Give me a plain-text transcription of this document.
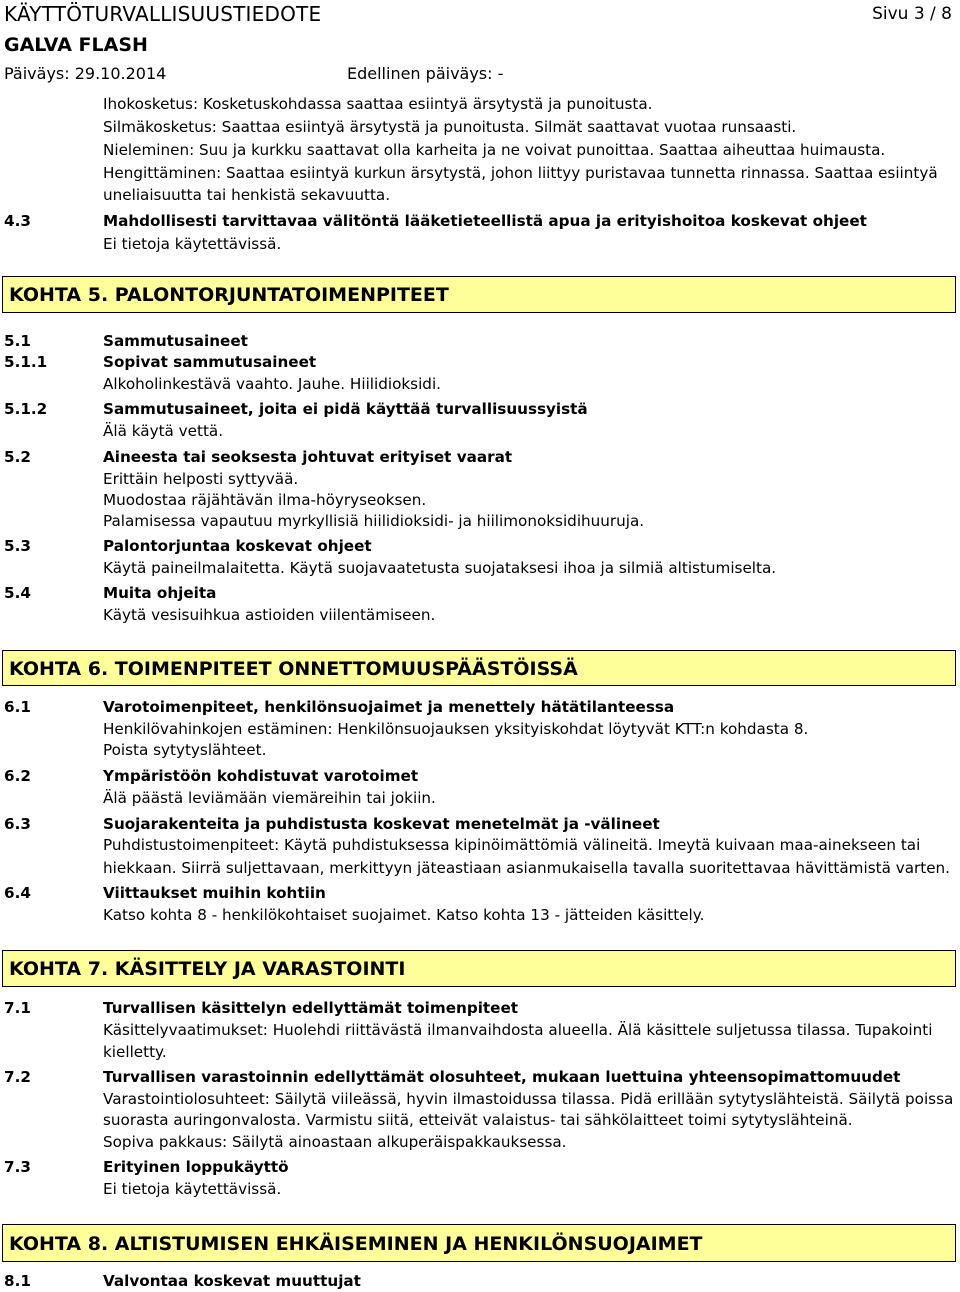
KÄYTTÖTURVALLISUUSTIEDOTE	Sivu 3 / 8
GALVA FLASH
Päiväys: 29.10.2014	Edellinen päiväys: -
Ihokosketus: Kosketuskohdassa saattaa esiintyä ärsytystä ja punoitusta.
Silmäkosketus: Saattaa esiintyä ärsytystä ja punoitusta. Silmät saattavat vuotaa runsaasti.
Nieleminen: Suu ja kurkku saattavat olla karheita ja ne voivat punoittaa. Saattaa aiheuttaa huimausta.
Hengittäminen: Saattaa esiintyä kurkun ärsytystä, johon liittyy puristavaa tunnetta rinnassa. Saattaa esiintyä
uneliaisuutta tai henkistä sekavuutta.
4.3	Mahdollisesti tarvittavaa välitöntä lääketieteellistä apua ja erityishoitoa koskevat ohjeet
Ei tietoja käytettävissä.
KOHTA 5. PALONTORJUNTATOIMENPITEET
5.1	Sammutusaineet
5.1.1	Sopivat sammutusaineet
Alkoholinkestävä vaahto. Jauhe. Hiilidioksidi.
5.1.2	Sammutusaineet, joita ei pidä käyttää turvallisuussyistä
Älä käytä vettä.
5.2	Aineesta tai seoksesta johtuvat erityiset vaarat
Erittäin helposti syttyvää.
Muodostaa räjähtävän ilma-höyryseoksen.
Palamisessa vapautuu myrkyllisiä hiilidioksidi- ja hiilimonoksidihuuruja.
5.3	Palontorjuntaa koskevat ohjeet
Käytä paineilmalaitetta. Käytä suojavaatetusta suojataksesi ihoa ja silmiä altistumiselta.
5.4	Muita ohjeita
Käytä vesisuihkua astioiden viilentämiseen.
KOHTA 6. TOIMENPITEET ONNETTOMUUSPÄÄSTÖISSÄ
6.1	Varotoimenpiteet, henkilönsuojaimet ja menettely hätätilanteessa
Henkilövahinkojen estäminen: Henkilönsuojauksen yksityiskohdat löytyvät KTT:n kohdasta 8.
Poista sytytyslähteet.
6.2	Ympäristöön kohdistuvat varotoimet
Älä päästä leviämään viemäreihin tai jokiin.
6.3	Suojarakenteita ja puhdistusta koskevat menetelmät ja -välineet
Puhdistustoimenpiteet: Käytä puhdistuksessa kipinöimättömiä välineitä. Imeytä kuivaan maa-ainekseen tai
hiekkaan. Siirrä suljettavaan, merkittyyn jäteastiaan asianmukaisella tavalla suoritettavaa hävittämistä varten.
6.4	Viittaukset muihin kohtiin
Katso kohta 8 - henkilökohtaiset suojaimet. Katso kohta 13 - jätteiden käsittely.
KOHTA 7. KÄSITTELY JA VARASTOINTI
7.1	Turvallisen käsittelyn edellyttämät toimenpiteet
Käsittelyvaatimukset: Huolehdi riittävästä ilmanvaihdosta alueella. Älä käsittele suljetussa tilassa. Tupakointi
kielletty.
7.2	Turvallisen varastoinnin edellyttämät olosuhteet, mukaan luettuina yhteensopimattomuudet
Varastointiolosuhteet: Säilytä viileässä, hyvin ilmastoidussa tilassa. Pidä erillään sytytyslähteistä. Säilytä poissa
suorasta auringonvalosta. Varmistu siitä, etteivät valaistus- tai sähkölaitteet toimi sytytyslähteinä.
Sopiva pakkaus: Säilytä ainoastaan alkuperäispakkauksessa.
7.3	Erityinen loppukäyttö
Ei tietoja käytettävissä.
KOHTA 8. ALTISTUMISEN EHKÄISEMINEN JA HENKILÖNSUOJAIMET
8.1	Valvontaa koskevat muuttujat
